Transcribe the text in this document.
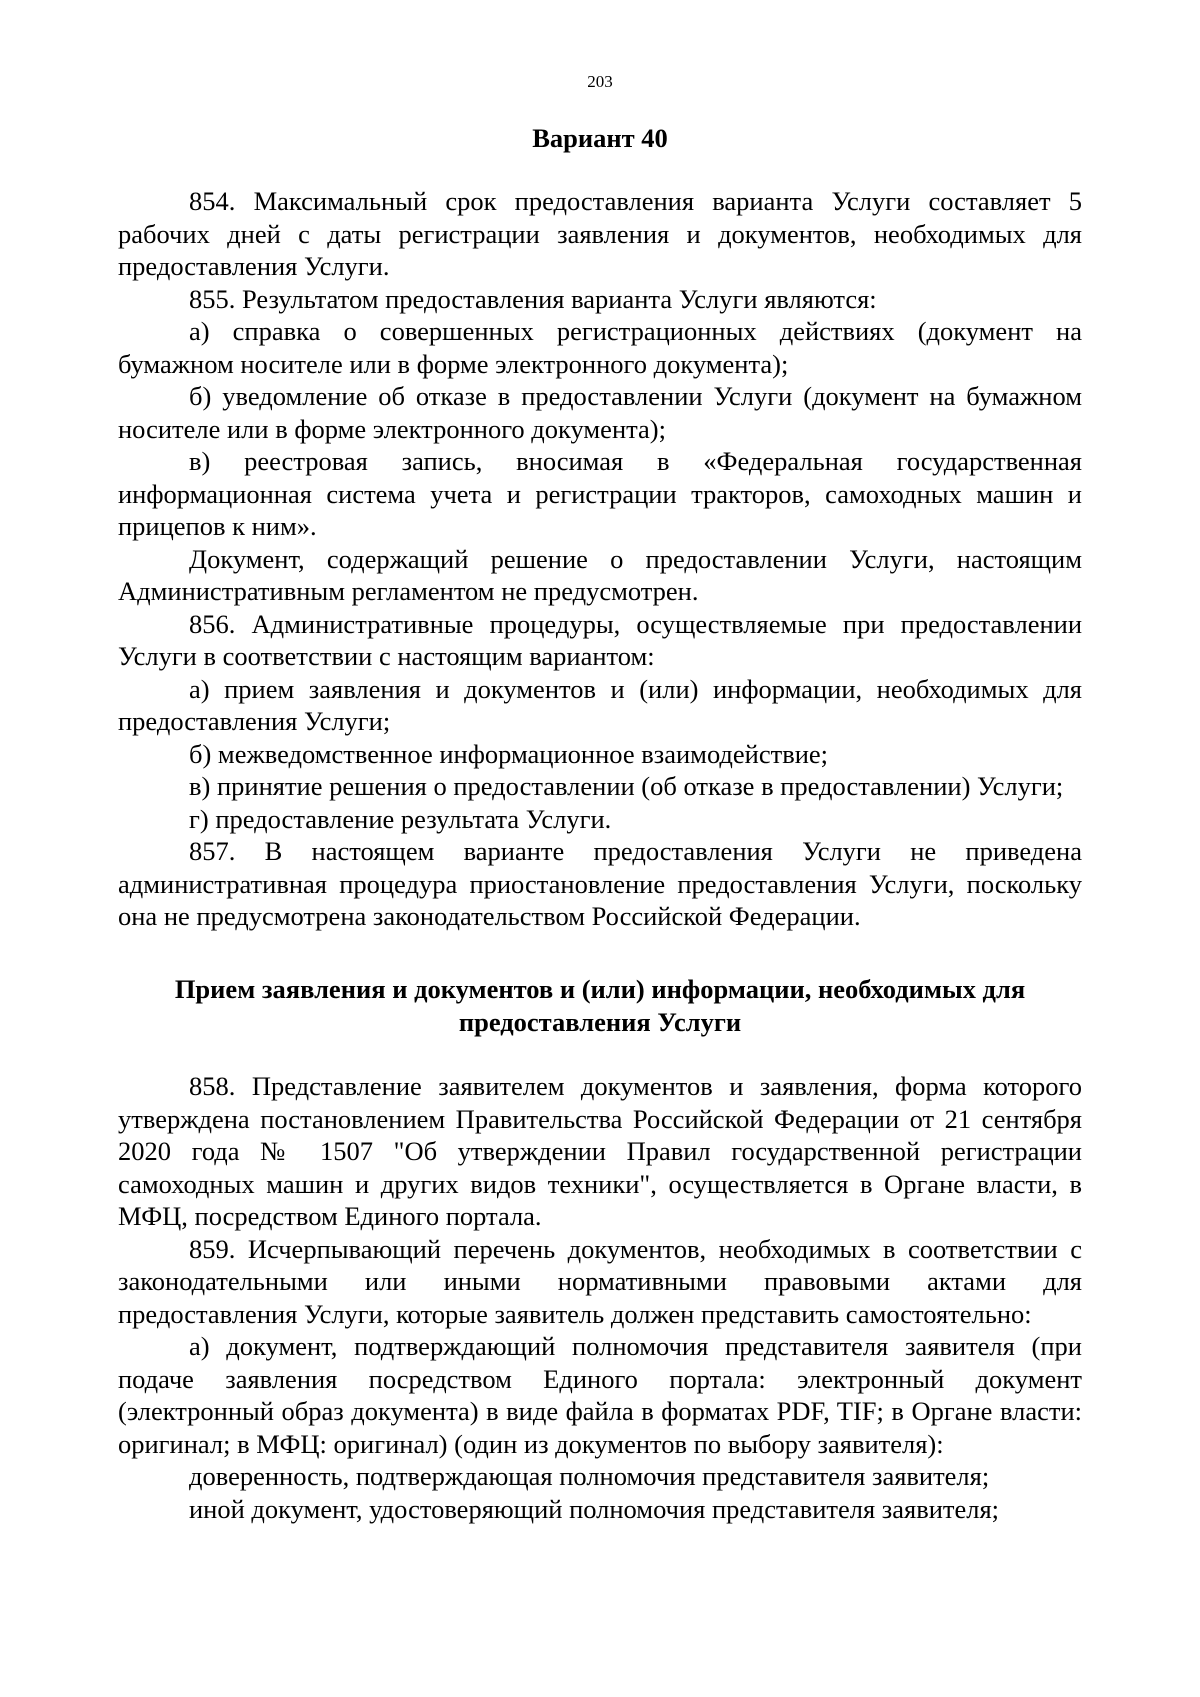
203
Вариант 40

854. Максимальный срок предоставления варианта Услуги составляет 5 рабочих дней с даты регистрации заявления и документов, необходимых для предоставления Услуги.

855. Результатом предоставления варианта Услуги являются:

а) справка о совершенных регистрационных действиях (документ на бумажном носителе или в форме электронного документа);

б) уведомление об отказе в предоставлении Услуги (документ на бумажном носителе или в форме электронного документа);

в) реестровая запись, вносимая в «Федеральная государственная информационная система учета и регистрации тракторов, самоходных машин и прицепов к ним».

Документ, содержащий решение о предоставлении Услуги, настоящим Административным регламентом не предусмотрен.

856. Административные процедуры, осуществляемые при предоставлении Услуги в соответствии с настоящим вариантом:

а) прием заявления и документов и (или) информации, необходимых для предоставления Услуги;

б) межведомственное информационное взаимодействие;

в) принятие решения о предоставлении (об отказе в предоставлении) Услуги;

г) предоставление результата Услуги.

857. В настоящем варианте предоставления Услуги не приведена административная процедура приостановление предоставления Услуги, поскольку она не предусмотрена законодательством Российской Федерации.

Прием заявления и документов и (или) информации, необходимых для предоставления Услуги

858. Представление заявителем документов и заявления, форма которого утверждена постановлением Правительства Российской Федерации от 21 сентября 2020 года № 1507 "Об утверждении Правил государственной регистрации самоходных машин и других видов техники", осуществляется в Органе власти, в МФЦ, посредством Единого портала.

859. Исчерпывающий перечень документов, необходимых в соответствии с законодательными или иными нормативными правовыми актами для предоставления Услуги, которые заявитель должен представить самостоятельно:

а) документ, подтверждающий полномочия представителя заявителя (при подаче заявления посредством Единого портала: электронный документ (электронный образ документа) в виде файла в форматах PDF, TIF; в Органе власти: оригинал; в МФЦ: оригинал) (один из документов по выбору заявителя):

доверенность, подтверждающая полномочия представителя заявителя;

иной документ, удостоверяющий полномочия представителя заявителя;
